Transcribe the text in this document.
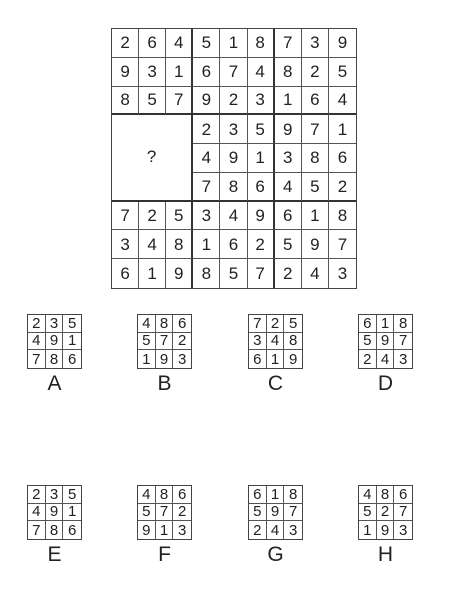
2	6	4	5	1	8	7	3	9
9	3	1	6	7	4	8	2	5
8	5	7	9	2	3	1	6	4
?
2	3	5	9	7	1
4	9	1	3	8	6
7	8	6	4	5	2
7	2	5	3	4	9	6	1	8
3	4	8	1	6	2	5	9	7
6	1	9	8	5	7	2	4	3
2 3 5
4 9 1
7 8 6
A
4 8 6
5 7 2
1 9 3
B
7 2 5
3 4 8
6 1 9
C
6 1 8
5 9 7
2 4 3
D
2 3 5
4 9 1
7 8 6
E
4 8 6
5 7 2
9 1 3
F
6 1 8
5 9 7
2 4 3
G
4 8 6
5 2 7
1 9 3
H
